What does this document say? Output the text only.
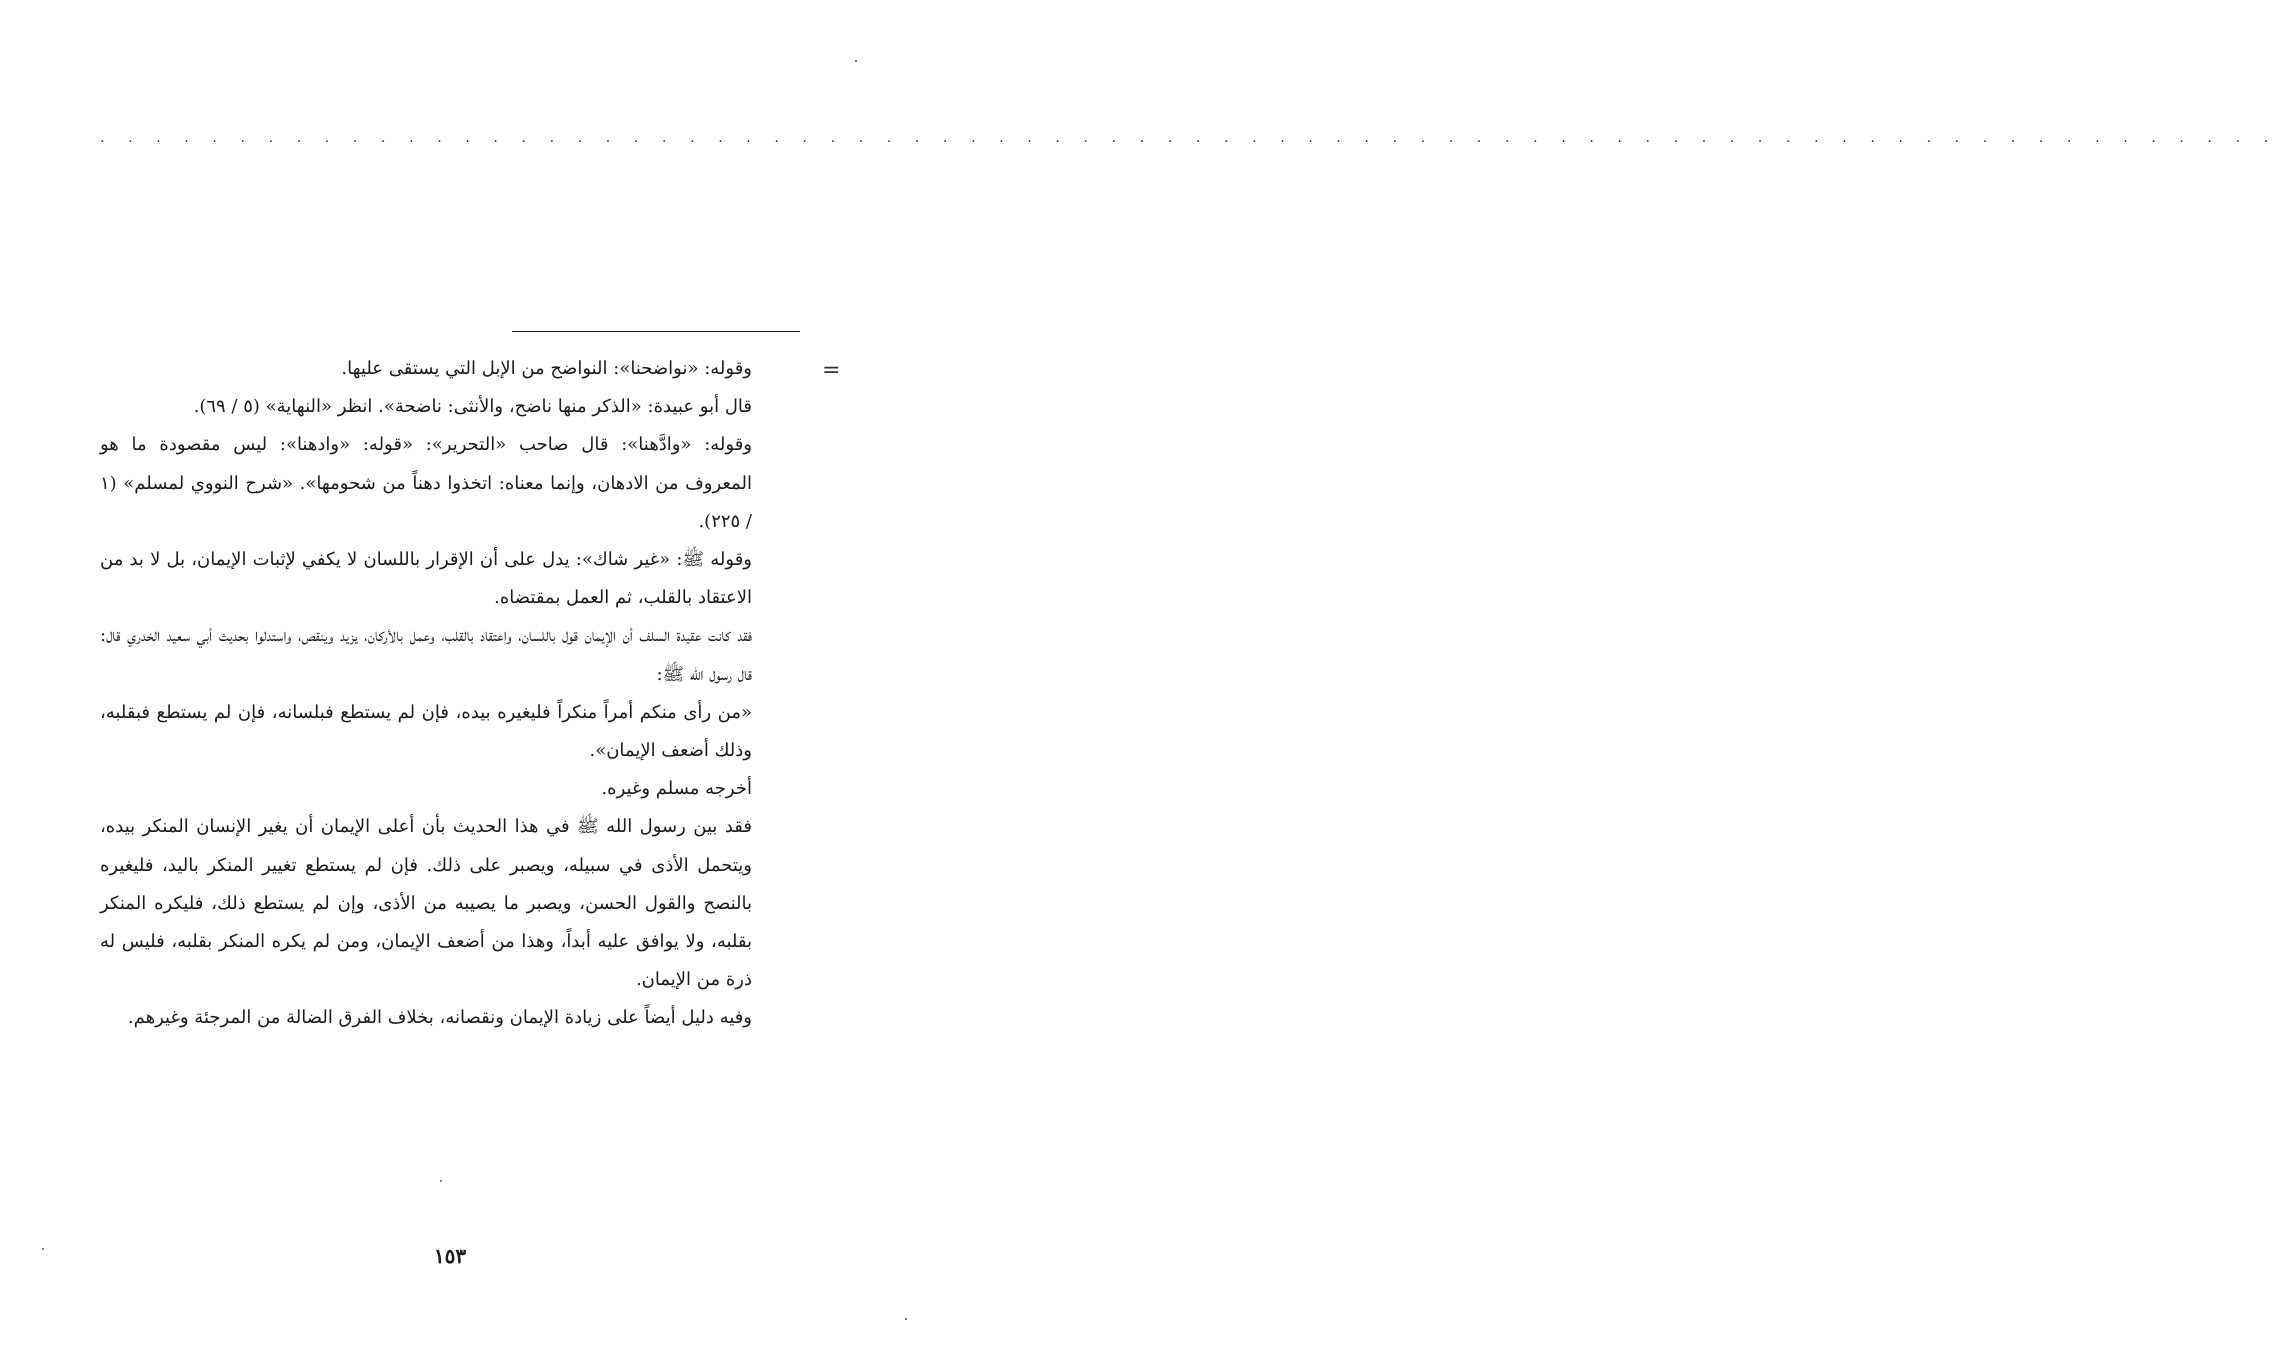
. . . . . . . . . . . . . . . . . . . . . . . . . . . . . . . . . . . . . . . . . . . . . . . . . . . . . . . . . . . . . . . . . . . . . . . . . . . . . .
=

وقوله: «نواضحنا»: النواضح من الإبل التي يستقى عليها.

قال أبو عبيدة: «الذكر منها ناضح، والأنثى: ناضحة». انظر «النهاية» (٥ / ٦٩).

وقوله: «وادَّهنا»: قال صاحب «التحرير»: «قوله: «وادهنا»: ليس مقصودة ما هو المعروف من الادهان، وإنما معناه: اتخذوا دهناً من شحومها». «شرح النووي لمسلم» (١ / ٢٢٥).

وقوله ﷺ: «غير شاك»: يدل على أن الإقرار باللسان لا يكفي لإثبات الإيمان، بل لا بد من الاعتقاد بالقلب، ثم العمل بمقتضاه.

فقد كانت عقيدة السلف أن الإيمان قول باللسان، واعتقاد بالقلب، وعمل بالأركان، يزيد وينقص، واستدلوا بحديث أبي سعيد الخدري قال: قال رسول الله ﷺ:

«من رأى منكم أمراً منكراً فليغيره بيده، فإن لم يستطع فبلسانه، فإن لم يستطع فبقلبه، وذلك أضعف الإيمان».

أخرجه مسلم وغيره.

فقد بين رسول الله ﷺ في هذا الحديث بأن أعلى الإيمان أن يغير الإنسان المنكر بيده، ويتحمل الأذى في سبيله، ويصبر على ذلك. فإن لم يستطع تغيير المنكر باليد، فليغيره بالنصح والقول الحسن، ويصبر ما يصيبه من الأذى، وإن لم يستطع ذلك، فليكره المنكر بقلبه، ولا يوافق عليه أبداً، وهذا من أضعف الإيمان، ومن لم يكره المنكر بقلبه، فليس له ذرة من الإيمان.

وفيه دليل أيضاً على زيادة الإيمان ونقصانه، بخلاف الفرق الضالة من المرجئة وغيرهم.

١٥٣
